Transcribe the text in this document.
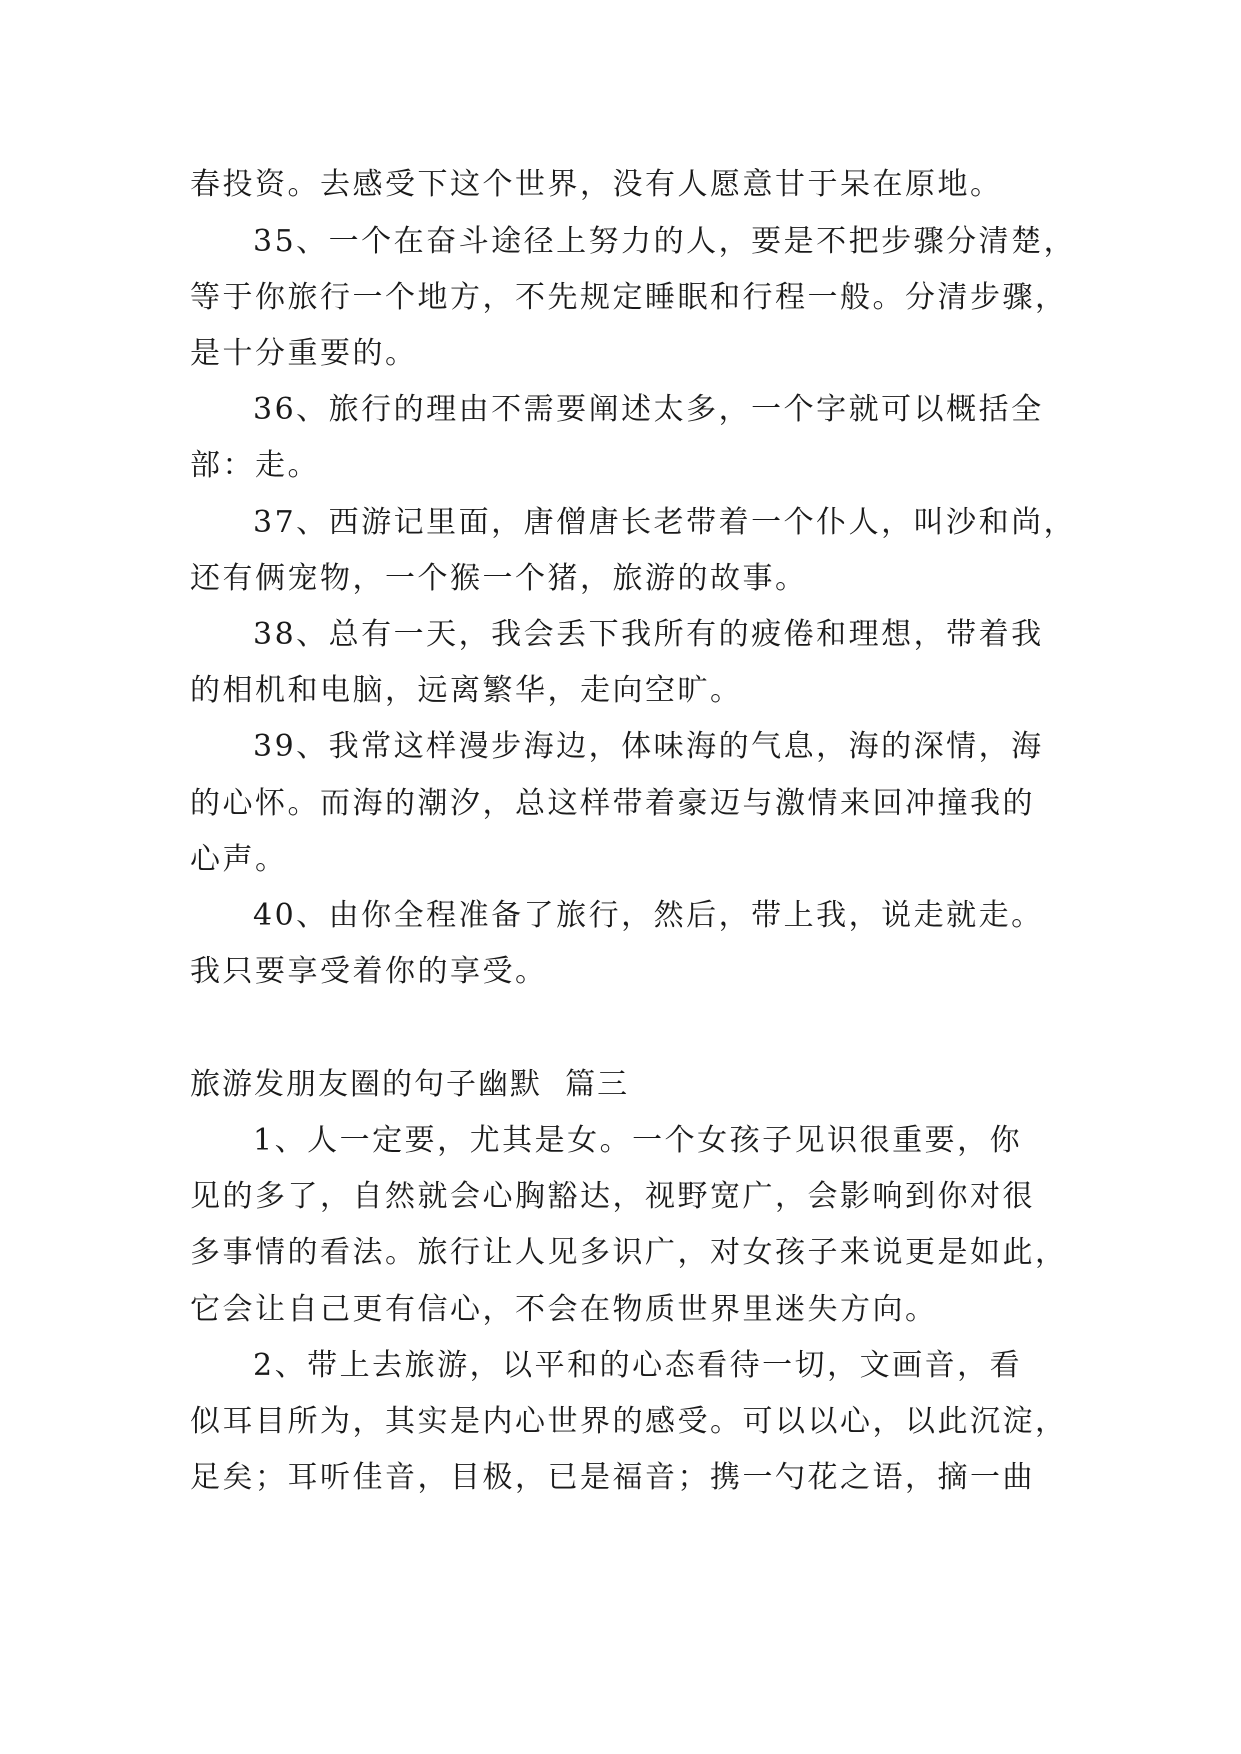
春投资。去感受下这个世界，没有人愿意甘于呆在原地。
35、一个在奋斗途径上努力的人，要是不把步骤分清楚，
等于你旅行一个地方，不先规定睡眠和行程一般。分清步骤，
是十分重要的。
36、旅行的理由不需要阐述太多，一个字就可以概括全
部：走。
37、西游记里面，唐僧唐长老带着一个仆人，叫沙和尚，
还有俩宠物，一个猴一个猪，旅游的故事。
38、总有一天，我会丢下我所有的疲倦和理想，带着我
的相机和电脑，远离繁华，走向空旷。
39、我常这样漫步海边，体味海的气息，海的深情，海
的心怀。而海的潮汐，总这样带着豪迈与激情来回冲撞我的
心声。
40、由你全程准备了旅行，然后，带上我，说走就走。
我只要享受着你的享受。
旅游发朋友圈的句子幽默  篇三
1、人一定要，尤其是女。一个女孩子见识很重要，你
见的多了，自然就会心胸豁达，视野宽广，会影响到你对很
多事情的看法。旅行让人见多识广，对女孩子来说更是如此，
它会让自己更有信心，不会在物质世界里迷失方向。
2、带上去旅游，以平和的心态看待一切，文画音，看
似耳目所为，其实是内心世界的感受。可以以心，以此沉淀，
足矣；耳听佳音，目极，已是福音；携一勺花之语，摘一曲
